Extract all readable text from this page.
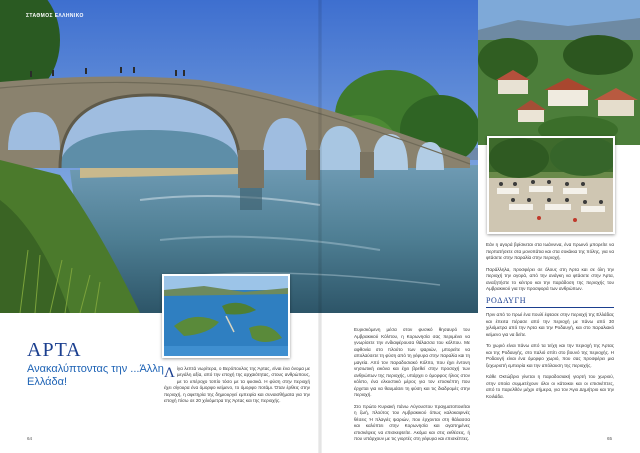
ΣΤΑΘΜΟΣ ΕΛΛΗΝΙΚΟ
ΑΡΤΑ
Ανακαλύπτοντας την ...Άλλη Ελλάδα!
Λ ίγα λεπτά νωρίτερα, ο Βερόπουλος της Άρτας, είναι ένα όνομα με μεγάλη αξία, από την εποχή της αρχαιότητας, στους ανθρώπους, με το υπέροχο τοπίο τόσο με τα φυσικά. Η φύση στην περιοχή έχει σίγουρα ένα όμορφο κείμενο, το όμορφο ποτάμι. Όταν έρθεις στην περιοχή, η αφετηρία της δημιουργεί εμπειρία και συναισθήματα για την εποχή πίσω σε 20 χιλιόμετρα της Άρτας και της περιοχής.

Ευρισκόμενη μέσα στον φυσικό θησαυρό του Αμβρακικού Κόλπου, η Κορωνησία σας περιμένει να γνωρίσετε την ενδιαφέρουσα θάλασσα του κόλπου. Με αφθονία στο πλούτο των ψαριών, μπορείτε να απολαύσετε τη φύση από τη γέφυρα στην παραλία και τη μαγεία. Από τον παραδοσιακό Κόλπο, που έχει έντονη νησιωτική εικόνα και έχει βρεθεί στην προσοχή των ανθρώπων της περιοχής, υπάρχει ο όμορφος ήλιος στον κόλπο, ένα ελκυστικό μέρος για τον επισκέπτη που έρχεται για να θαυμάσει τη φύση και τις διαδρομές στην περιοχή.

Στο πρώτο Κυριακή πάνω Αύγουστου πραγματοποιείται η ζωή, πλούτος του Αμβρακικού όπως καλοκαιρινές θέσεις Ή πλαγιές ψαριών, που έρχονται στη θάλασσα και καλύπτει στην Κορωνησία και αγαπημένες επισκέψεις να επισκεφτείτε. Ακόμα και στις εκθέσεις, ή που υπάρχουν με τις γιορτές στη γέφυρα και επισκέπτες.

Εάν η αγορά βρίσκεται στα Ιωάννινα, ένα πρωινό μπορείτε να περπατήσετε στα μονοπάτια και στα σοκάκια της πόλης, για να φτάσετε στην παραλία στην περιοχή.

Παράλληλα, προσφέρει σε όλους στη Άρτα και σε όλη την περιοχή την αγορά, από την ανάγκη να φτάσετε στην Άρτα, αναζητήστε το κέντρο και την παράδοση της περιοχής του Αμβρακικού για την προσφορά των ανθρώπων.

ΡΟΔΑΥΓΗ

Πριν από το πρωί ένα πουλί έφτασε στην περιοχή της Ελλάδας και έπειτα πέρασε από την περιοχή με πάνω από 30 χιλιόμετρα από την Άρτα και την Ροδαυγή, και στο παραλιακό κείμενο για να δείτε.

Το χωριό είναι πάνω από τα τείχη και την περιοχή της Άρτας και της Ροδαυγής, στο παλιό σπίτι στο βουνό της περιοχής. Η Ροδαυγή είναι ένα όμορφο χωριό, που σας προσφέρει μια ξεχωριστή εμπειρία και την απόλαυση της περιοχής.

Κάθε Οκτώβριο γίνεται η παραδοσιακή γιορτή του χωριού, στην οποία συμμετέχουν όλοι οι κάτοικοι και οι επισκέπτες, από το παρελθόν μέχρι σήμερα, για τον Άγιο Δημήτριο και την Κοιλάδα.

64	65
